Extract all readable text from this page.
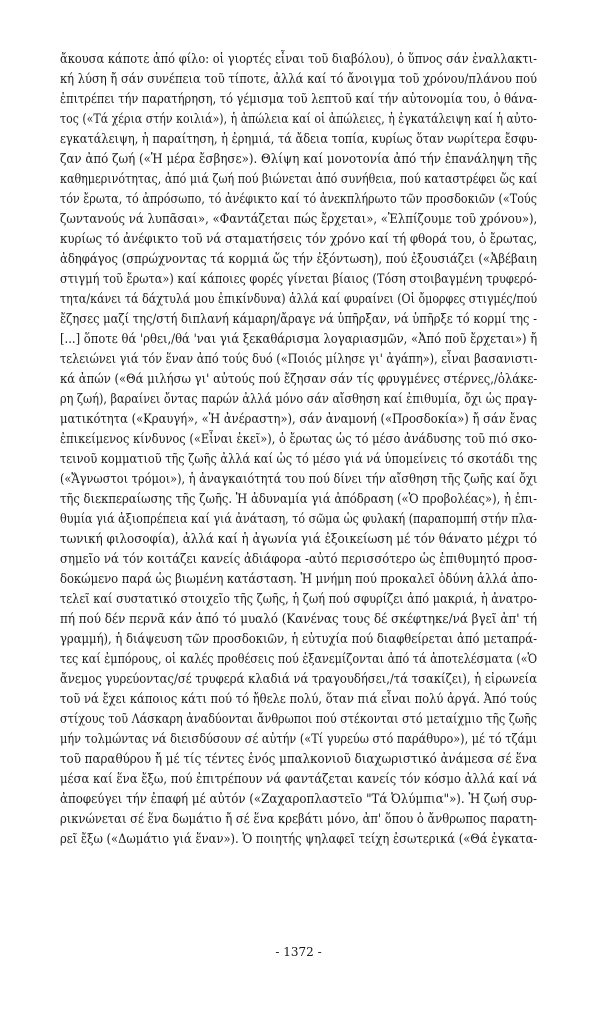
ἄκουσα κάποτε ἀπό φίλο: οἱ γιορτές εἶναι τοῦ διαβόλου), ὁ ὕπνος σάν ἐναλλακτι-
κή λύση ἤ σάν συνέπεια τοῦ τίποτε, ἀλλά καί τό ἄνοιγμα τοῦ χρόνου/πλάνου πού
ἐπιτρέπει τήν παρατήρηση, τό γέμισμα τοῦ λεπτοῦ καί τήν αὐτονομία του, ὁ θάνα-
τος («Τά χέρια στήν κοιλιά»), ἡ ἀπώλεια καί οἱ ἀπώλειες, ἡ ἐγκατάλειψη καί ἡ αὐτο-
εγκατάλειψη, ἡ παραίτηση, ἡ ἐρημιά, τά ἄδεια τοπία, κυρίως ὅταν νωρίτερα ἔσφυ-
ζαν ἀπό ζωή («Ἡ μέρα ἔσβησε»). Θλίψη καί μονοτονία ἀπό τήν ἐπανάληψη τῆς
καθημερινότητας, ἀπό μιά ζωή πού βιώνεται ἀπό συνήθεια, πού καταστρέφει ὥς καί
τόν ἔρωτα, τό ἀπρόσωπο, τό ἀνέφικτο καί τό ἀνεκπλήρωτο τῶν προσδοκιῶν («Τούς
ζωντανούς νά λυπᾶσαι», «Φαντάζεται πώς ἔρχεται», «Ἐλπίζουμε τοῦ χρόνου»),
κυρίως τό ἀνέφικτο τοῦ νά σταματήσεις τόν χρόνο καί τή φθορά του, ὁ ἔρωτας,
ἀδηφάγος (σπρώχνοντας τά κορμιά ὥς τήν ἐξόντωση), πού ἐξουσιάζει («Ἀβέβαιη
στιγμή τοῦ ἔρωτα») καί κάποιες φορές γίνεται βίαιος (Τόση στοιβαγμένη τρυφερό-
τητα/κάνει τά δάχτυλά μου ἐπικίνδυνα) ἀλλά καί φυραίνει (Οἱ ὄμορφες στιγμές/πού
ἔζησες μαζί της/στή διπλανή κάμαρη/ἄραγε νά ὑπῆρξαν, νά ὑπῆρξε τό κορμί της -
[...] ὅποτε θά 'ρθει,/θά 'ναι γιά ξεκαθάρισμα λογαριασμῶν, «Ἀπό ποῦ ἔρχεται») ἤ
τελειώνει γιά τόν ἕναν ἀπό τούς δυό («Ποιός μίλησε γι' ἀγάπη»), εἶναι βασανιστι-
κά ἀπών («Θά μιλήσω γι' αὐτούς πού ἔζησαν σάν τίς φρυγμένες στέρνες,/ὁλάκε-
ρη ζωή), βαραίνει ὄντας παρών ἀλλά μόνο σάν αἴσθηση καί ἐπιθυμία, ὄχι ὡς πραγ-
ματικότητα («Κραυγή», «Ἡ ἀνέραστη»), σάν ἀναμονή («Προσδοκία») ἤ σάν ἔνας
ἐπικείμενος κίνδυνος («Εἶναι ἐκεῖ»), ὁ ἔρωτας ὡς τό μέσο ἀνάδυσης τοῦ πιό σκο-
τεινοῦ κομματιοῦ τῆς ζωῆς ἀλλά καί ὡς τό μέσο γιά νά ὑπομείνεις τό σκοτάδι της
(«Ἄγνωστοι τρόμοι»), ἡ ἀναγκαιότητά του πού δίνει τήν αἴσθηση τῆς ζωῆς καί ὄχι
τῆς διεκπεραίωσης τῆς ζωῆς. Ἡ ἀδυναμία γιά ἀπόδραση («Ὁ προβολέας»), ἡ ἐπι-
θυμία γιά ἀξιοπρέπεια καί γιά ἀνάταση, τό σῶμα ὡς φυλακή (παραπομπή στήν πλα-
τωνική φιλοσοφία), ἀλλά καί ἡ ἀγωνία γιά ἐξοικείωση μέ τόν θάνατο μέχρι τό
σημεῖο νά τόν κοιτάζει κανείς ἀδιάφορα -αὐτό περισσότερο ὡς ἐπιθυμητό προσ-
δοκώμενο παρά ὡς βιωμένη κατάσταση. Ἡ μνήμη πού προκαλεῖ ὀδύνη ἀλλά ἀπο-
τελεῖ καί συστατικό στοιχεῖο τῆς ζωῆς, ἡ ζωή πού σφυρίζει ἀπό μακριά, ἡ ἀνατρο-
πή πού δέν περνᾶ κάν ἀπό τό μυαλό (Κανένας τους δέ σκέφτηκε/νά βγεῖ ἀπ' τή
γραμμή), ἡ διάψευση τῶν προσδοκιῶν, ἡ εὐτυχία πού διαφθείρεται ἀπό μεταπρά-
τες καί ἐμπόρους, οἱ καλές προθέσεις πού ἐξανεμίζονται ἀπό τά ἀποτελέσματα («Ὁ
ἄνεμος γυρεύοντας/σέ τρυφερά κλαδιά νά τραγουδήσει,/τά τσακίζει), ἡ εἰρωνεία
τοῦ νά ἔχει κάποιος κάτι πού τό ἤθελε πολύ, ὅταν πιά εἶναι πολύ ἀργά. Ἀπό τούς
στίχους τοῦ Λάσκαρη ἀναδύονται ἄνθρωποι πού στέκονται στό μεταίχμιο τῆς ζωῆς
μήν τολμώντας νά διεισδύσουν σέ αὐτήν («Τί γυρεύω στό παράθυρο»), μέ τό τζάμι
τοῦ παραθύρου ἤ μέ τίς τέντες ἑνός μπαλκονιοῦ διαχωριστικό ἀνάμεσα σέ ἕνα
μέσα καί ἕνα ἔξω, πού ἐπιτρέπουν νά φαντάζεται κανείς τόν κόσμο ἀλλά καί νά
ἀποφεύγει τήν ἐπαφή μέ αὐτόν («Ζαχαροπλαστεῖο "Τά Ὀλύμπια"»). Ἡ ζωή συρ-
ρικνώνεται σέ ἕνα δωμάτιο ἤ σέ ἕνα κρεβάτι μόνο, ἀπ' ὅπου ὁ ἄνθρωπος παρατη-
ρεῖ ἔξω («Δωμάτιο γιά ἕναν»). Ὁ ποιητής ψηλαφεῖ τείχη ἐσωτερικά («Θά ἐγκατα-
- 1372 -
